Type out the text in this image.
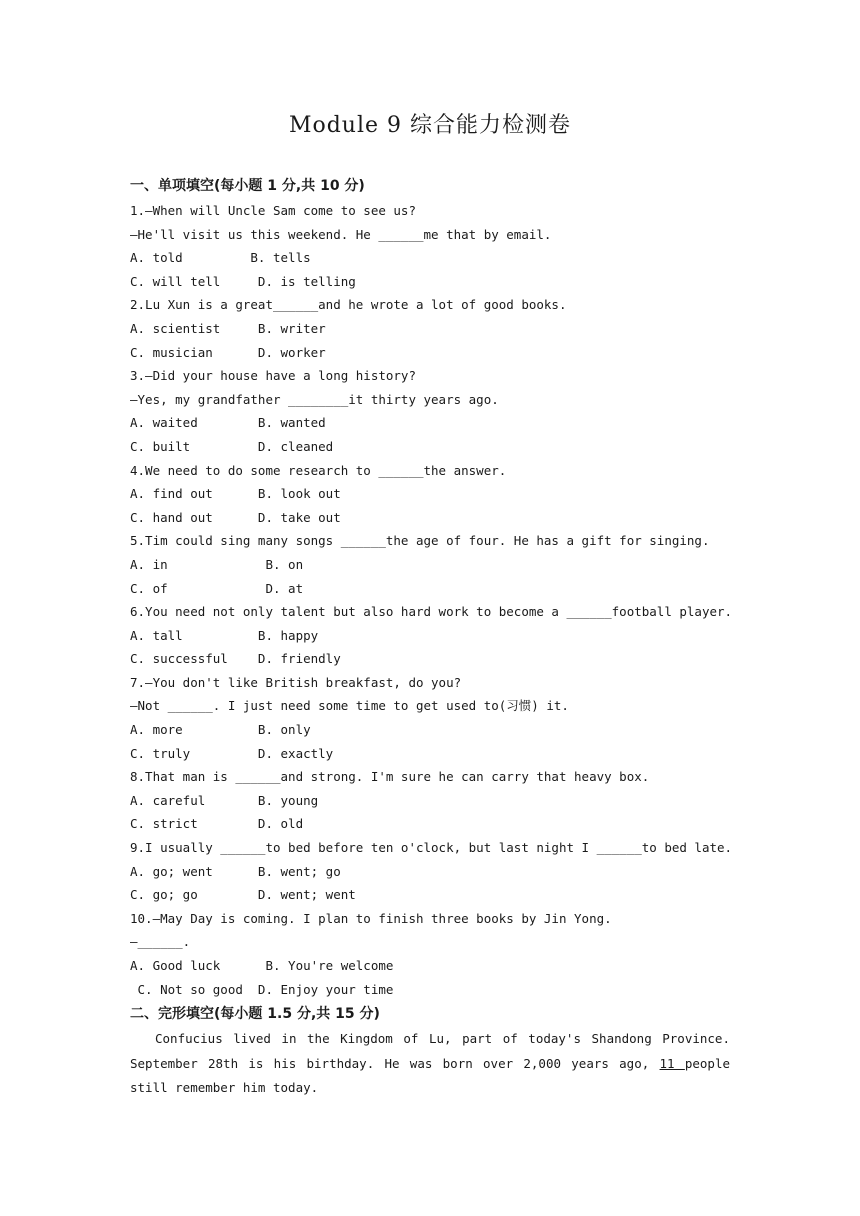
Module 9 综合能力检测卷
一、单项填空(每小题 1 分,共 10 分)
1.—When will Uncle Sam come to see us?
—He'll visit us this weekend. He ______me that by email.
A. told         B. tells
C. will tell     D. is telling
2.Lu Xun is a great______and he wrote a lot of good books.
A. scientist     B. writer
C. musician      D. worker
3.—Did your house have a long history?
—Yes, my grandfather ________it thirty years ago.
A. waited        B. wanted
C. built         D. cleaned
4.We need to do some research to ______the answer.
A. find out      B. look out
C. hand out      D. take out
5.Tim could sing many songs ______the age of four. He has a gift for singing.
A. in             B. on
C. of             D. at
6.You need not only talent but also hard work to become a ______football player.
A. tall          B. happy
C. successful    D. friendly
7.—You don't like British breakfast, do you?
—Not ______. I just need some time to get used to(习惯) it.
A. more          B. only
C. truly         D. exactly
8.That man is ______and strong. I'm sure he can carry that heavy box.
A. careful       B. young
C. strict        D. old
9.I usually ______to bed before ten o'clock, but last night I ______to bed late.
A. go; went      B. went; go
C. go; go        D. went; went
10.—May Day is coming. I plan to finish three books by Jin Yong.
—______.
A. Good luck      B. You're welcome
C. Not so good  D. Enjoy your time
二、完形填空(每小题 1.5 分,共 15 分)
Confucius lived in the Kingdom of Lu, part of today's Shandong Province. September 28th is his birthday. He was born over 2,000 years ago, 11 people still remember him today.
